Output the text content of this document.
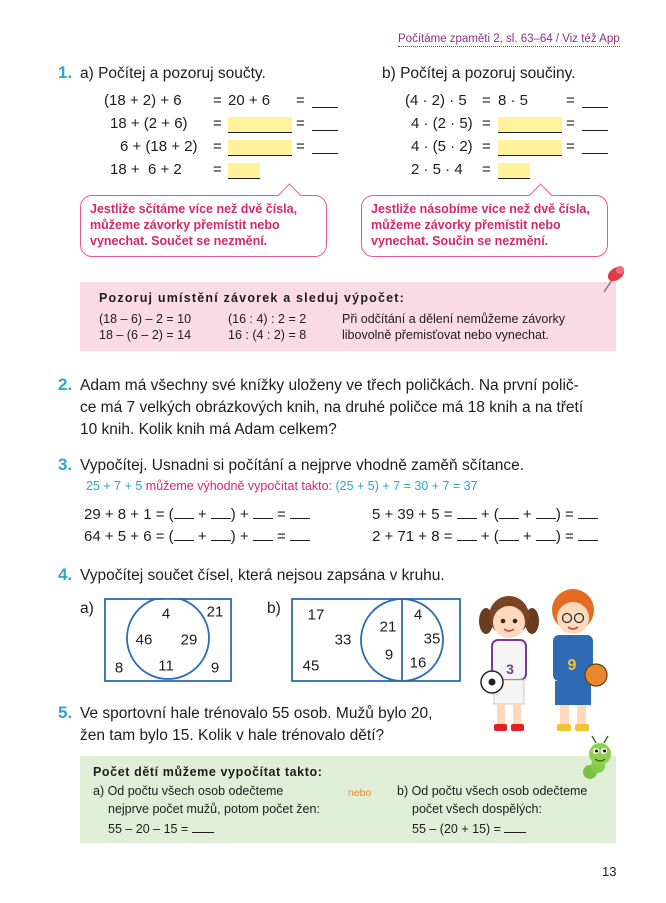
Počítáme zpaměti 2, sl. 63–64 / Viz též App
1. a) Počítej a pozoruj součty.	b) Počítej a pozoruj součiny.
(18 + 2) + 6 = 20 + 6 =
18 + (2 + 6) =	=
6 + (18 + 2) =	=
18 +  6 + 2 =
(4 · 2) · 5 = 8 · 5	=
4 · (2 · 5) =	=
4 · (5 · 2) =	=
2 · 5 · 4 =
Jestliže sčítáme více než dvě čísla, můžeme závorky přemístit nebo vynechat. Součet se nezmění.
Jestliže násobíme více než dvě čísla, můžeme závorky přemístit nebo vynechat. Součin se nezmění.
Pozoruj umístění závorek a sleduj výpočet:
(18 – 6) – 2 = 10
18 – (6 – 2) = 14
(16 : 4) : 2 = 2
16 : (4 : 2) = 8
Při odčítání a dělení nemůžeme závorky
libovolně přemisťovat nebo vynechat.
2. Adam má všechny své knížky uloženy ve třech poličkách. Na první polič-
ce má 7 velkých obrázkových knih, na druhé poličce má 18 knih a na třetí
10 knih. Kolik knih má Adam celkem?
3. Vypočítej. Usnadni si počítání a nejprve vhodně zaměň sčítance.
25 + 7 + 5 můžeme výhodně vypočítat takto: (25 + 5) + 7 = 30 + 7 = 37
29 + 8 + 1 = ( + ) +  =
64 + 5 + 6 = ( + ) +  =
5 + 39 + 5 =  + ( + ) =
2 + 71 + 8 =  + ( + ) =
4. Vypočítej součet čísel, která nejsou zapsána v kruhu.
a)	4 21
46 29
8 11 9
b) 17	4
33
21
35
45
9 16	3	9
5. Ve sportovní hale trénovalo 55 osob. Mužů bylo 20,
žen tam bylo 15. Kolik v hale trénovalo dětí?
Počet dětí můžeme vypočítat takto:
a) Od počtu všech osob odečteme
nejprve počet mužů, potom počet žen:
55 – 20 – 15 =
nebo b) Od počtu všech osob odečteme
počet všech dospělých:
55 – (20 + 15) =
13
